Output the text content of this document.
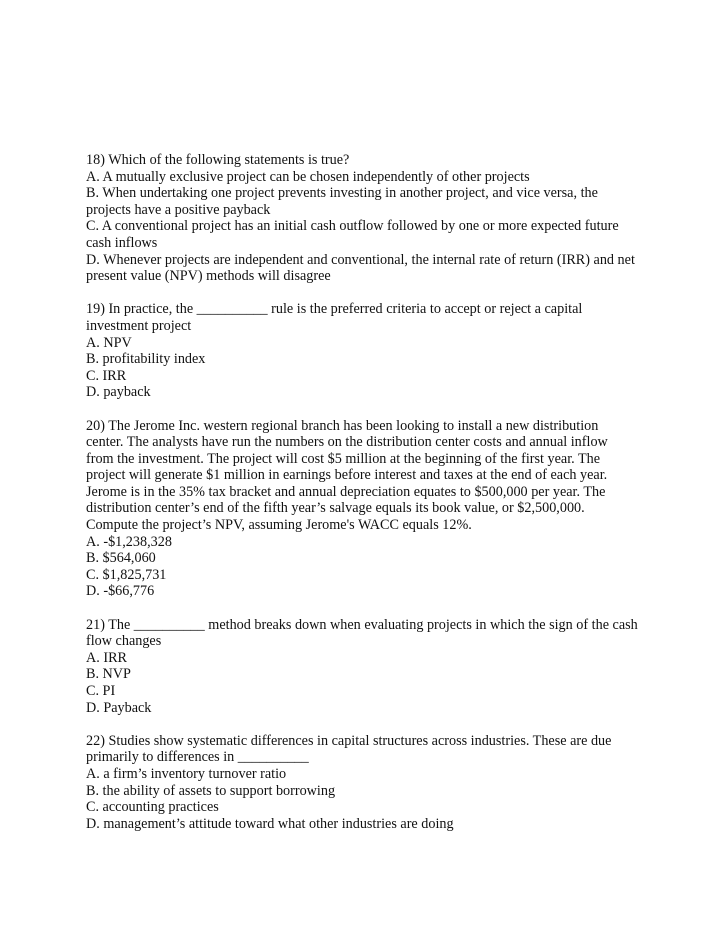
18) Which of the following statements is true?
A. A mutually exclusive project can be chosen independently of other projects
B. When undertaking one project prevents investing in another project, and vice versa, the
projects have a positive payback
C. A conventional project has an initial cash outflow followed by one or more expected future
cash inflows
D. Whenever projects are independent and conventional, the internal rate of return (IRR) and net
present value (NPV) methods will disagree
19) In practice, the __________ rule is the preferred criteria to accept or reject a capital
investment project
A. NPV
B. profitability index
C. IRR
D. payback
20) The Jerome Inc. western regional branch has been looking to install a new distribution
center. The analysts have run the numbers on the distribution center costs and annual inflow
from the investment. The project will cost $5 million at the beginning of the first year. The
project will generate $1 million in earnings before interest and taxes at the end of each year.
Jerome is in the 35% tax bracket and annual depreciation equates to $500,000 per year. The
distribution center’s end of the fifth year’s salvage equals its book value, or $2,500,000.
Compute the project’s NPV, assuming Jerome's WACC equals 12%.
A. -$1,238,328
B. $564,060
C. $1,825,731
D. -$66,776
21) The __________ method breaks down when evaluating projects in which the sign of the cash
flow changes
A. IRR
B. NVP
C. PI
D. Payback
22) Studies show systematic differences in capital structures across industries. These are due
primarily to differences in __________
A. a firm’s inventory turnover ratio
B. the ability of assets to support borrowing
C. accounting practices
D. management’s attitude toward what other industries are doing
